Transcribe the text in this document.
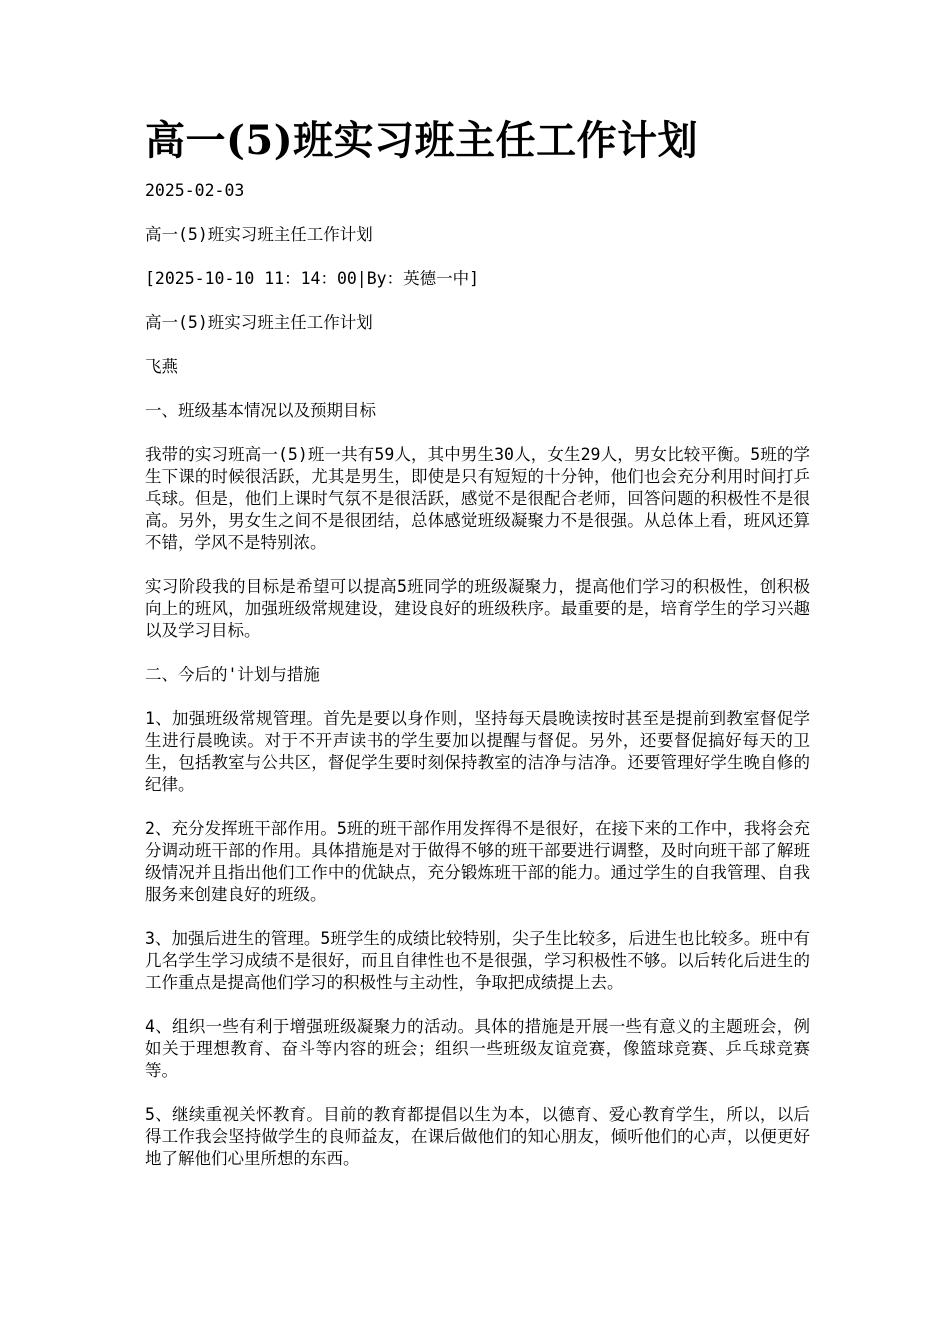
高一(5)班实习班主任工作计划
2025-02-03
高一(5)班实习班主任工作计划
[2025-10-10 11：14：00|By：英德一中]
高一(5)班实习班主任工作计划
飞燕
一、班级基本情况以及预期目标

我带的实习班高一(5)班一共有59人，其中男生30人，女生29人，男女比较平衡。5班的学生下课的时候很活跃，尤其是男生，即使是只有短短的十分钟，他们也会充分利用时间打乒乓球。但是，他们上课时气氛不是很活跃，感觉不是很配合老师，回答问题的积极性不是很高。另外，男女生之间不是很团结，总体感觉班级凝聚力不是很强。从总体上看，班风还算不错，学风不是特别浓。

实习阶段我的目标是希望可以提高5班同学的班级凝聚力，提高他们学习的积极性，创积极向上的班风，加强班级常规建设，建设良好的班级秩序。最重要的是，培育学生的学习兴趣以及学习目标。

二、今后的'计划与措施

1、加强班级常规管理。首先是要以身作则，坚持每天晨晚读按时甚至是提前到教室督促学生进行晨晚读。对于不开声读书的学生要加以提醒与督促。另外，还要督促搞好每天的卫生，包括教室与公共区，督促学生要时刻保持教室的洁净与洁净。还要管理好学生晚自修的纪律。

2、充分发挥班干部作用。5班的班干部作用发挥得不是很好，在接下来的工作中，我将会充分调动班干部的作用。具体措施是对于做得不够的班干部要进行调整，及时向班干部了解班级情况并且指出他们工作中的优缺点，充分锻炼班干部的能力。通过学生的自我管理、自我服务来创建良好的班级。

3、加强后进生的管理。5班学生的成绩比较特别，尖子生比较多，后进生也比较多。班中有几名学生学习成绩不是很好，而且自律性也不是很强，学习积极性不够。以后转化后进生的工作重点是提高他们学习的积极性与主动性，争取把成绩提上去。

4、组织一些有利于增强班级凝聚力的活动。具体的措施是开展一些有意义的主题班会，例如关于理想教育、奋斗等内容的班会；组织一些班级友谊竞赛，像篮球竞赛、乒乓球竞赛等。

5、继续重视关怀教育。目前的教育都提倡以生为本，以德育、爱心教育学生，所以，以后得工作我会坚持做学生的良师益友，在课后做他们的知心朋友，倾听他们的心声，以便更好地了解他们心里所想的东西。
